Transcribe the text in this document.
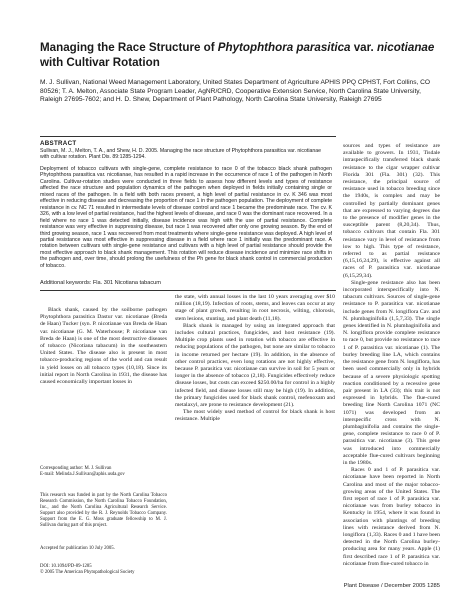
Managing the Race Structure of Phytophthora parasitica var. nicotianae
with Cultivar Rotation
M. J. Sullivan, National Weed Management Laboratory, United States Department of Agriculture APHIS PPQ CPHST, Fort Collins, CO 80526; T. A. Melton, Associate State Program Leader, AgNR/CRD, Cooperative Extension Service, North Carolina State University, Raleigh 27695-7602; and H. D. Shew, Department of Plant Pathology, North Carolina State University, Raleigh 27695
ABSTRACT
Sullivan, M. J., Melton, T. A., and Shew, H. D. 2005. Managing the race structure of Phytophthora parasitica var. nicotianae with cultivar rotation. Plant Dis. 89:1285-1294.
Deployment of tobacco cultivars with single-gene, complete resistance to race 0 of the tobacco black shank pathogen Phytophthora parasitica var. nicotianae, has resulted in a rapid increase in the occurrence of race 1 of the pathogen in North Carolina. Cultivar-rotation studies were conducted in three fields to assess how different levels and types of resistance affected the race structure and population dynamics of the pathogen when deployed in fields initially containing single or mixed races of the pathogen. In a field with both races present, a high level of partial resistance in cv. K 346 was most effective in reducing disease and decreasing the proportion of race 1 in the pathogen population. The deployment of complete resistance in cv. NC 71 resulted in intermediate levels of disease control and race 1 became the predominate race. The cv. K 326, with a low level of partial resistance, had the highest levels of disease, and race 0 was the dominant race recovered. In a field where no race 1 was detected initially, disease incidence was high with the use of partial resistance. Complete resistance was very effective in suppressing disease, but race 1 was recovered after only one growing season. By the end of third growing season, race 1 was recovered from most treatments where single-gene resistance was deployed. A high level of partial resistance was most effective in suppressing disease in a field where race 1 initially was the predominant race. A rotation between cultivars with single-gene resistance and cultivars with a high level of partial resistance should provide the most effective approach to black shank management. This rotation will reduce disease incidence and minimize race shifts in the pathogen and, over time, should prolong the usefulness of the Ph gene for black shank control in commercial production of tobacco.
Additional keywords: Fla. 301 Nicotiana tabacum

Black shank, caused by the soilborne pathogen Phytophthora parasitica Dastur var. nicotianae (Breda de Haan) Tucker (syn. P. nicotianae van Breda de Haan var. nicotianae (G. M. Waterhouse; P. nicotianae van Breda de Haan) is one of the most destructive diseases of tobacco (Nicotiana tabacum) in the southeastern United States. The disease also is present in most tobacco-producing regions of the world and can result in yield losses on all tobacco types (10,18). Since its initial report in North Carolina in 1931, the disease has caused economically important losses in

Corresponding author: M. J. Sullivan
E-mail: Melinda.J.Sullivan@aphis.usda.gov
This research was funded in part by the North Carolina Tobacco Research Commission, the North Carolina Tobacco Foundation, Inc., and the North Carolina Agricultural Research Service. Support also provided by the R. J. Reynolds Tobacco Company. Support from the E. G. Moss graduate fellowship to M. J. Sullivan during part of this project.
Accepted for publication 10 July 2005.
DOI: 10.1094/PD-89-1285
© 2005 The American Phytopathological Society

the state, with annual losses in the last 10 years averaging over $10 million (18,19). Infection of roots, stems, and leaves can occur at any stage of plant growth, resulting in root necrosis, wilting, chlorosis, stem lesions, stunting, and plant death (11,18).

Black shank is managed by using an integrated approach that includes cultural practices, fungicides, and host resistance (19). Multiple crop plants used in rotation with tobacco are effective in reducing populations of the pathogen, but none are similar to tobacco in income returned per hectare (19). In addition, in the absence of other control practices, even long rotations are not highly effective, because P. parasitica var. nicotianae can survive in soil for 5 years or longer in the absence of tobacco (2,18). Fungicides effectively reduce disease losses, but costs can exceed $250.00/ha for control in a highly infected field, and disease losses still may be high (19). In addition, the primary fungicides used for black shank control, mefenoxam and metalaxyl, are prone to resistance development (21).

The most widely used method of control for black shank is host resistance. Multiple

sources and types of resistance are available to growers. In 1931, Tisdale intraspecifically transferred black shank resistance to the cigar wrapper cultivar Florida 301 (Fla. 301) (32). This resistance, the principal source of resistance used in tobacco breeding since the 1940s, is complex and may be controlled by partially dominant genes that are expressed to varying degrees due to the presence of modifier genes in the susceptible parent (8,20,34). Thus, tobacco cultivars that contain Fla. 301 resistance vary in level of resistance from low to high. This type of resistance, referred to as partial resistance (6,15,16,24,29), is effective against all races of P. parasitica var. nicotianae (6,15,29,34).

Single-gene resistance also has been incorporated interspecifically into N. tabacum cultivars. Sources of single-gene resistance to P. parasitica var. nicotianae include genes from N. longiflora Cav. and N. plumbaginifolia (1,5,7,33). The single genes identified in N. plumbaginifolia and N. longiflora provide complete resistance to race 0, but provide no resistance to race 1 of P. parasitica var. nicotianae (1). The burley breeding line LA, which contains the resistance gene from N. longiflora, has been used commercially only in hybrids because of a severe physiologic spotting reaction conditioned by a recessive gene pair present in LA (33); this trait is not expressed in hybrids. The flue-cured breeding line North Carolina 1071 (NC 1071) was developed from an interspecific cross with N. plumbaginifolia and contains the single-gene, complete resistance to race 0 of P. parasitica var. nicotianae (3). This gene was introduced into commercially acceptable flue-cured cultivars beginning in the 1980s.

Races 0 and 1 of P. parasitica var. nicotianae have been reported in North Carolina and most of the major tobacco-growing areas of the United States. The first report of race 1 of P. parasitica var. nicotianae was from burley tobacco in Kentucky in 1954, where it was found in association with plantings of breeding lines with resistance derived from N. longiflora (1,33). Races 0 and 1 have been detected in the North Carolina burley-producing area for many years. Apple (1) first described race 1 of P. parasitica var. nicotianae from flue-cured tobacco in

Plant Disease / December 2005 1285
